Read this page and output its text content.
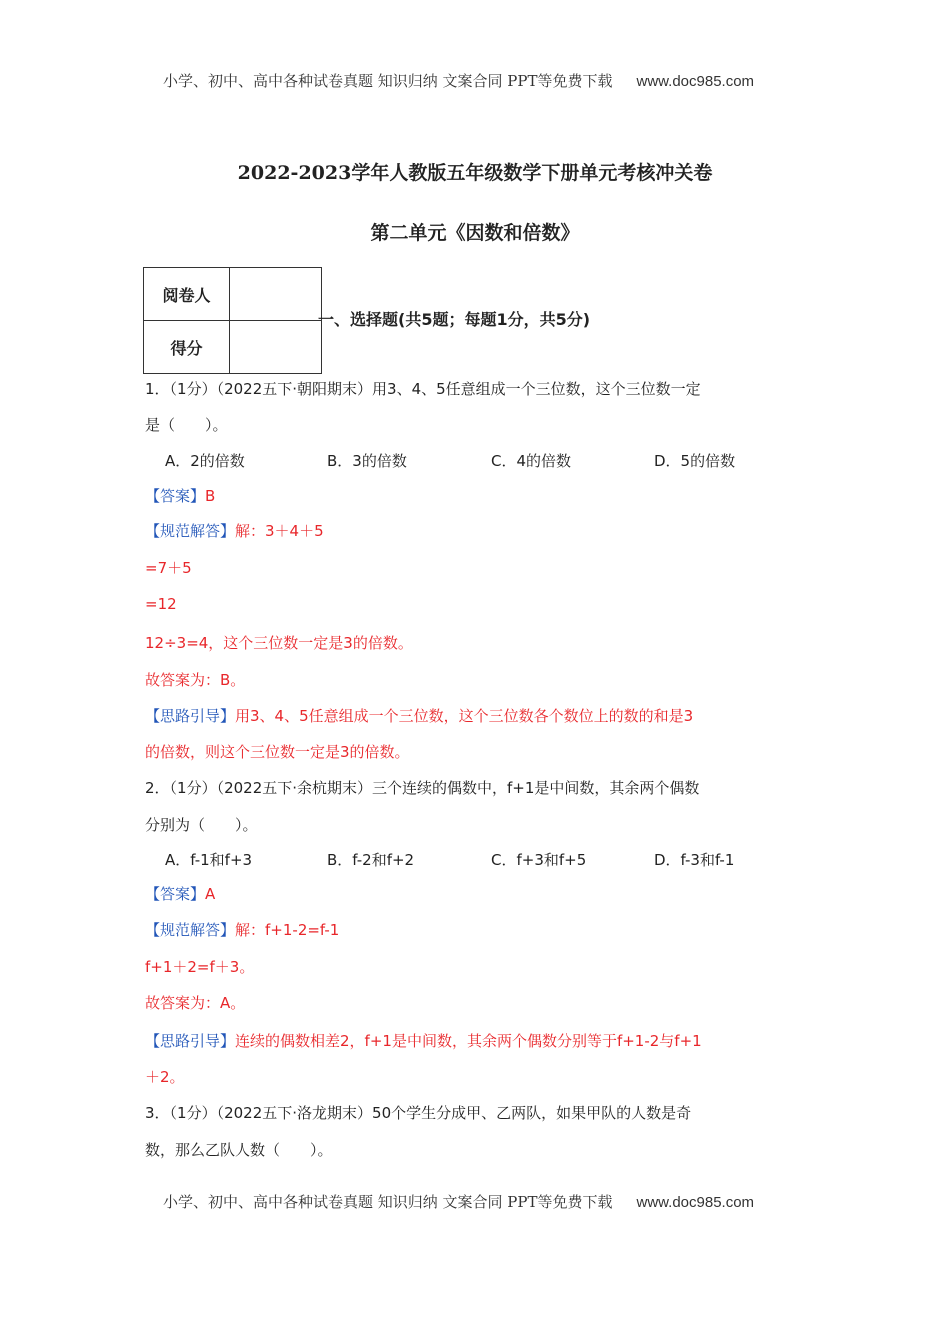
小学、初中、高中各种试卷真题 知识归纳 文案合同 PPT等免费下载 www.doc985.com
2022-2023学年人教版五年级数学下册单元考核冲关卷
第二单元《因数和倍数》
阅卷人	
得分	
一、选择题(共5题；每题1分，共5分)
1．（1分）（2022五下·朝阳期末）用3、4、5任意组成一个三位数，这个三位数一定
是（　　）。
A．2的倍数	B．3的倍数	C．4的倍数	D．5的倍数
【答案】B
【规范解答】解：3＋4＋5
=7＋5
=12
12÷3=4，这个三位数一定是3的倍数。
故答案为：B。
【思路引导】用3、4、5任意组成一个三位数，这个三位数各个数位上的数的和是3
的倍数，则这个三位数一定是3的倍数。
2．（1分）（2022五下·余杭期末）三个连续的偶数中，f+1是中间数，其余两个偶数
分别为（　　）。
A．f-1和f+3	B．f-2和f+2	C．f+3和f+5	D．f-3和f-1
【答案】A
【规范解答】解：f+1-2=f-1
f+1＋2=f＋3。
故答案为：A。
【思路引导】连续的偶数相差2，f+1是中间数，其余两个偶数分别等于f+1-2与f+1
＋2。
3．（1分）（2022五下·洛龙期末）50个学生分成甲、乙两队，如果甲队的人数是奇
数，那么乙队人数（　　）。
小学、初中、高中各种试卷真题 知识归纳 文案合同 PPT等免费下载 www.doc985.com
